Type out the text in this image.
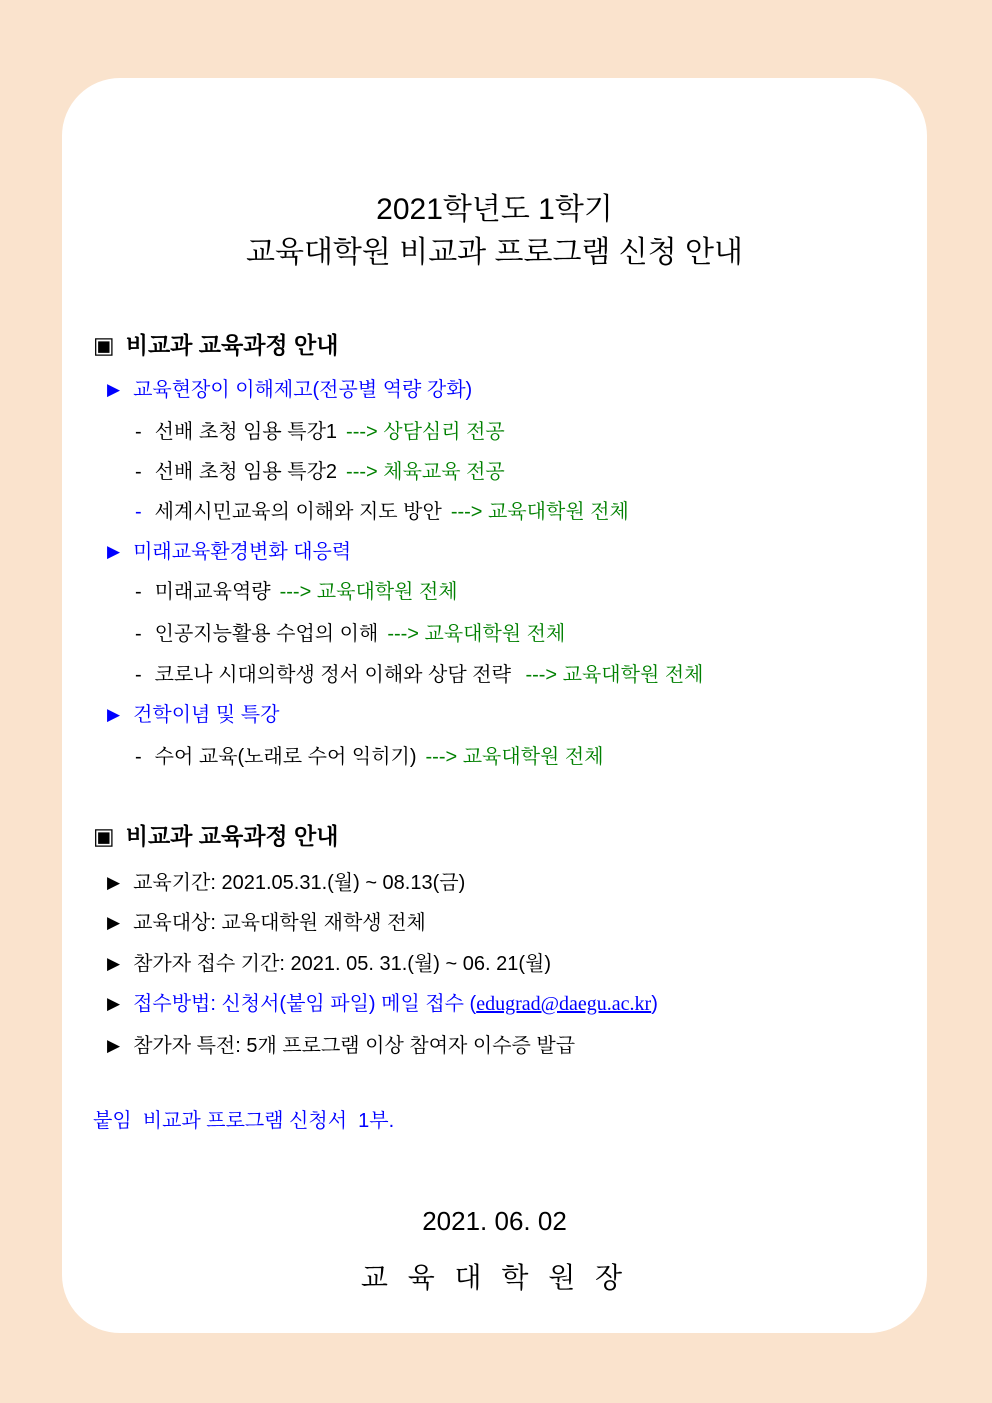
2021학년도 1학기
교육대학원 비교과 프로그램 신청 안내
▣ 비교과 교육과정 안내
▶ 교육현장이 이해제고(전공별 역량 강화)
- 선배 초청 임용 특강1 ---> 상담심리 전공
- 선배 초청 임용 특강2 ---> 체육교육 전공
- 세계시민교육의 이해와 지도 방안 ---> 교육대학원 전체
▶ 미래교육환경변화 대응력
- 미래교육역량 ---> 교육대학원 전체
- 인공지능활용 수업의 이해 ---> 교육대학원 전체
- 코로나 시대의학생 정서 이해와 상담 전략 ---> 교육대학원 전체
▶ 건학이념 및 특강
- 수어 교육(노래로 수어 익히기) ---> 교육대학원 전체
▣ 비교과 교육과정 안내
▶ 교육기간: 2021.05.31.(월) ~ 08.13(금)
▶ 교육대상: 교육대학원 재학생 전체
▶ 참가자 접수 기간: 2021. 05. 31.(월) ~ 06. 21(월)
▶ 접수방법: 신청서(붙임 파일) 메일 접수 (edugrad@daegu.ac.kr)
▶ 참가자 특전: 5개 프로그램 이상 참여자 이수증 발급
붙임  비교과 프로그램 신청서  1부.
2021. 06. 02
교 육 대 학 원 장
